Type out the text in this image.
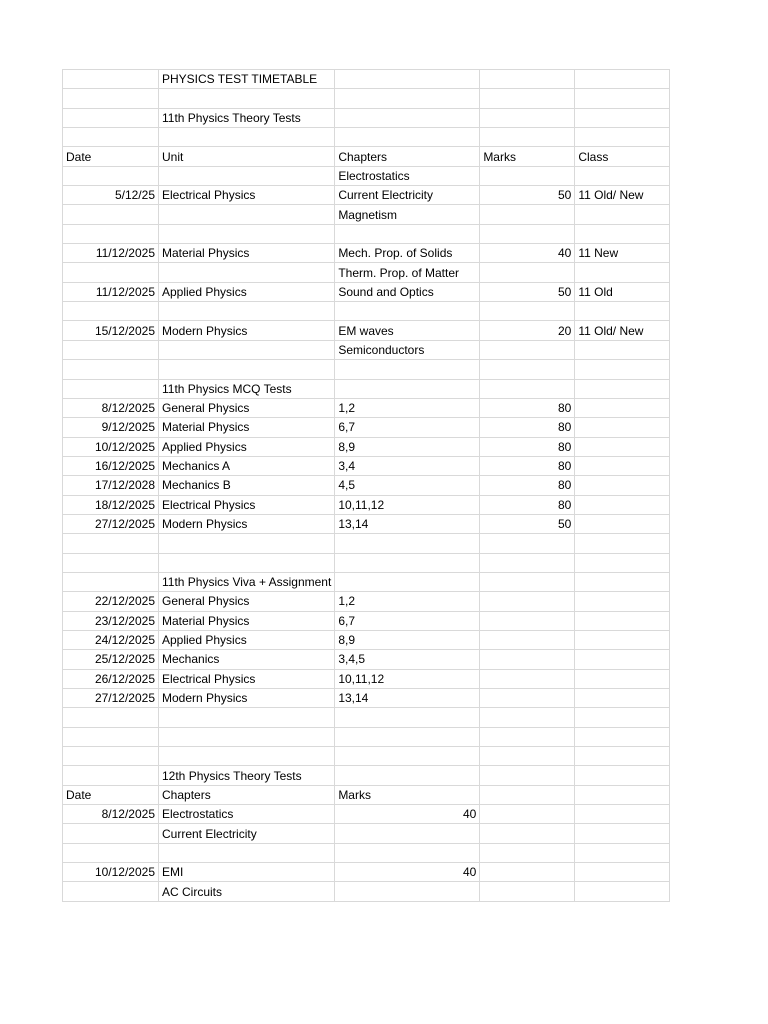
	PHYSICS TEST TIMETABLE			

	11th Physics Theory Tests			

Date	Unit	Chapters	Marks	Class
		Electrostatics		
5/12/25	Electrical Physics	Current Electricity	50	11 Old/ New
		Magnetism		

11/12/2025	Material Physics	Mech. Prop. of Solids	40	11 New
		Therm. Prop. of Matter		
11/12/2025	Applied Physics	Sound and Optics	50	11 Old

15/12/2025	Modern Physics	EM waves	20	11 Old/ New
		Semiconductors		

	11th Physics MCQ Tests			
8/12/2025	General Physics	1,2	80	
9/12/2025	Material Physics	6,7	80	
10/12/2025	Applied Physics	8,9	80	
16/12/2025	Mechanics A	3,4	80	
17/12/2028	Mechanics B	4,5	80	
18/12/2025	Electrical Physics	10,11,12	80	
27/12/2025	Modern Physics	13,14	50	

	11th Physics Viva + Assignment			
22/12/2025	General Physics	1,2		
23/12/2025	Material Physics	6,7		
24/12/2025	Applied Physics	8,9		
25/12/2025	Mechanics	3,4,5		
26/12/2025	Electrical Physics	10,11,12		
27/12/2025	Modern Physics	13,14		

	12th Physics Theory Tests			
Date	Chapters	Marks		
8/12/2025	Electrostatics	40		
	Current Electricity			

10/12/2025	EMI	40		
	AC Circuits			
